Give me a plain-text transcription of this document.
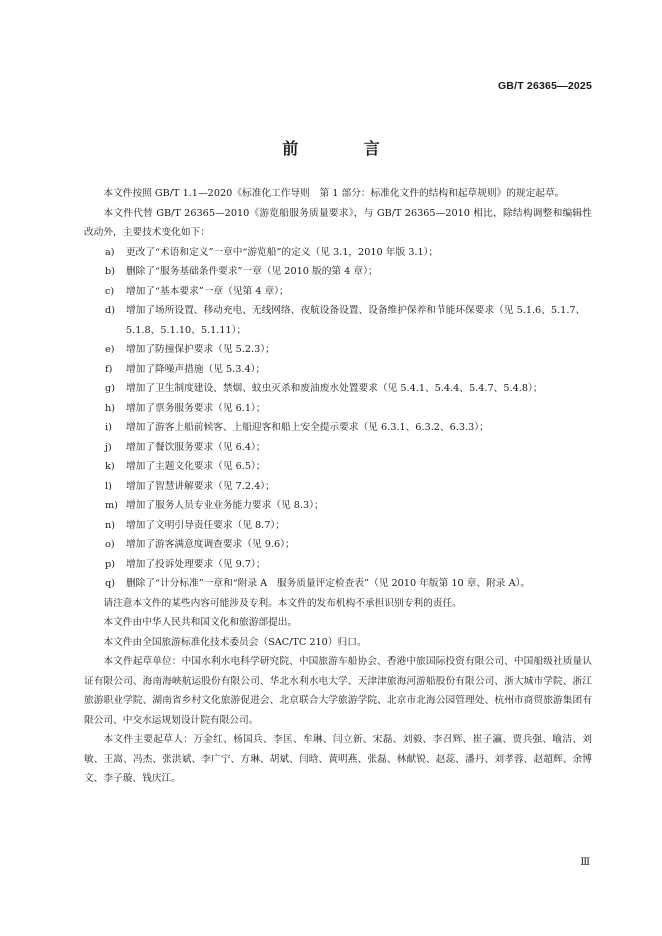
GB/T 26365—2025
前 言

本文件按照 GB/T 1.1—2020《标准化工作导则　第 1 部分：标准化文件的结构和起草规则》的规定起草。

本文件代替 GB/T 26365—2010《游览船服务质量要求》，与 GB/T 26365—2010 相比，除结构调整和编辑性改动外，主要技术变化如下：

a)	更改了“术语和定义”一章中“游览船”的定义（见 3.1，2010 年版 3.1）；
b)	删除了“服务基础条件要求”一章（见 2010 版的第 4 章）；
c)	增加了“基本要求”一章（见第 4 章）；
d)	增加了场所设置、移动充电、无线网络、夜航设备设置、设备维护保养和节能环保要求（见 5.1.6、5.1.7、5.1.8、5.1.10、5.1.11）；
e)	增加了防撞保护要求（见 5.2.3）；
f)	增加了降噪声措施（见 5.3.4）；
g)	增加了卫生制度建设、禁烟、蚊虫灭杀和废油废水处置要求（见 5.4.1、5.4.4、5.4.7、5.4.8）；
h)	增加了票务服务要求（见 6.1）；
i)	增加了游客上船前候客、上船迎客和船上安全提示要求（见 6.3.1、6.3.2、6.3.3）；
j)	增加了餐饮服务要求（见 6.4）；
k)	增加了主题文化要求（见 6.5）；
l)	增加了智慧讲解要求（见 7.2.4）；
m) 增加了服务人员专业业务能力要求（见 8.3）；
n)	增加了文明引导责任要求（见 8.7）；
o)	增加了游客满意度调查要求（见 9.6）；
p)	增加了投诉处理要求（见 9.7）；
q)	删除了“计分标准”一章和“附录 A　服务质量评定检查表”（见 2010 年版第 10 章、附录 A）。

请注意本文件的某些内容可能涉及专利。本文件的发布机构不承担识别专利的责任。

本文件由中华人民共和国文化和旅游部提出。

本文件由全国旅游标准化技术委员会（SAC/TC 210）归口。

本文件起草单位：中国水利水电科学研究院、中国旅游车船协会、香港中旅国际投资有限公司、中国船级社质量认证有限公司、海南海峡航运股份有限公司、华北水利水电大学、天津津旅海河游船股份有限公司、浙大城市学院、浙江旅游职业学院、湖南省乡村文化旅游促进会、北京联合大学旅游学院、北京市北海公园管理处、杭州市商贸旅游集团有限公司、中交水运规划设计院有限公司。

本文件主要起草人：万金红、杨国兵、李匡、牟琳、闫立新、宋磊、刘毅、李召辉、崔子瀛、贾兵强、喻洁、刘敏、王嵩、冯杰、张洪斌、李广宁、方琳、胡斌、闫晗、黄明燕、张磊、林献锐、赵蕊、潘丹、刘孝蓉、赵超辉、余博文、李子璇、钱庆江。

Ⅲ
